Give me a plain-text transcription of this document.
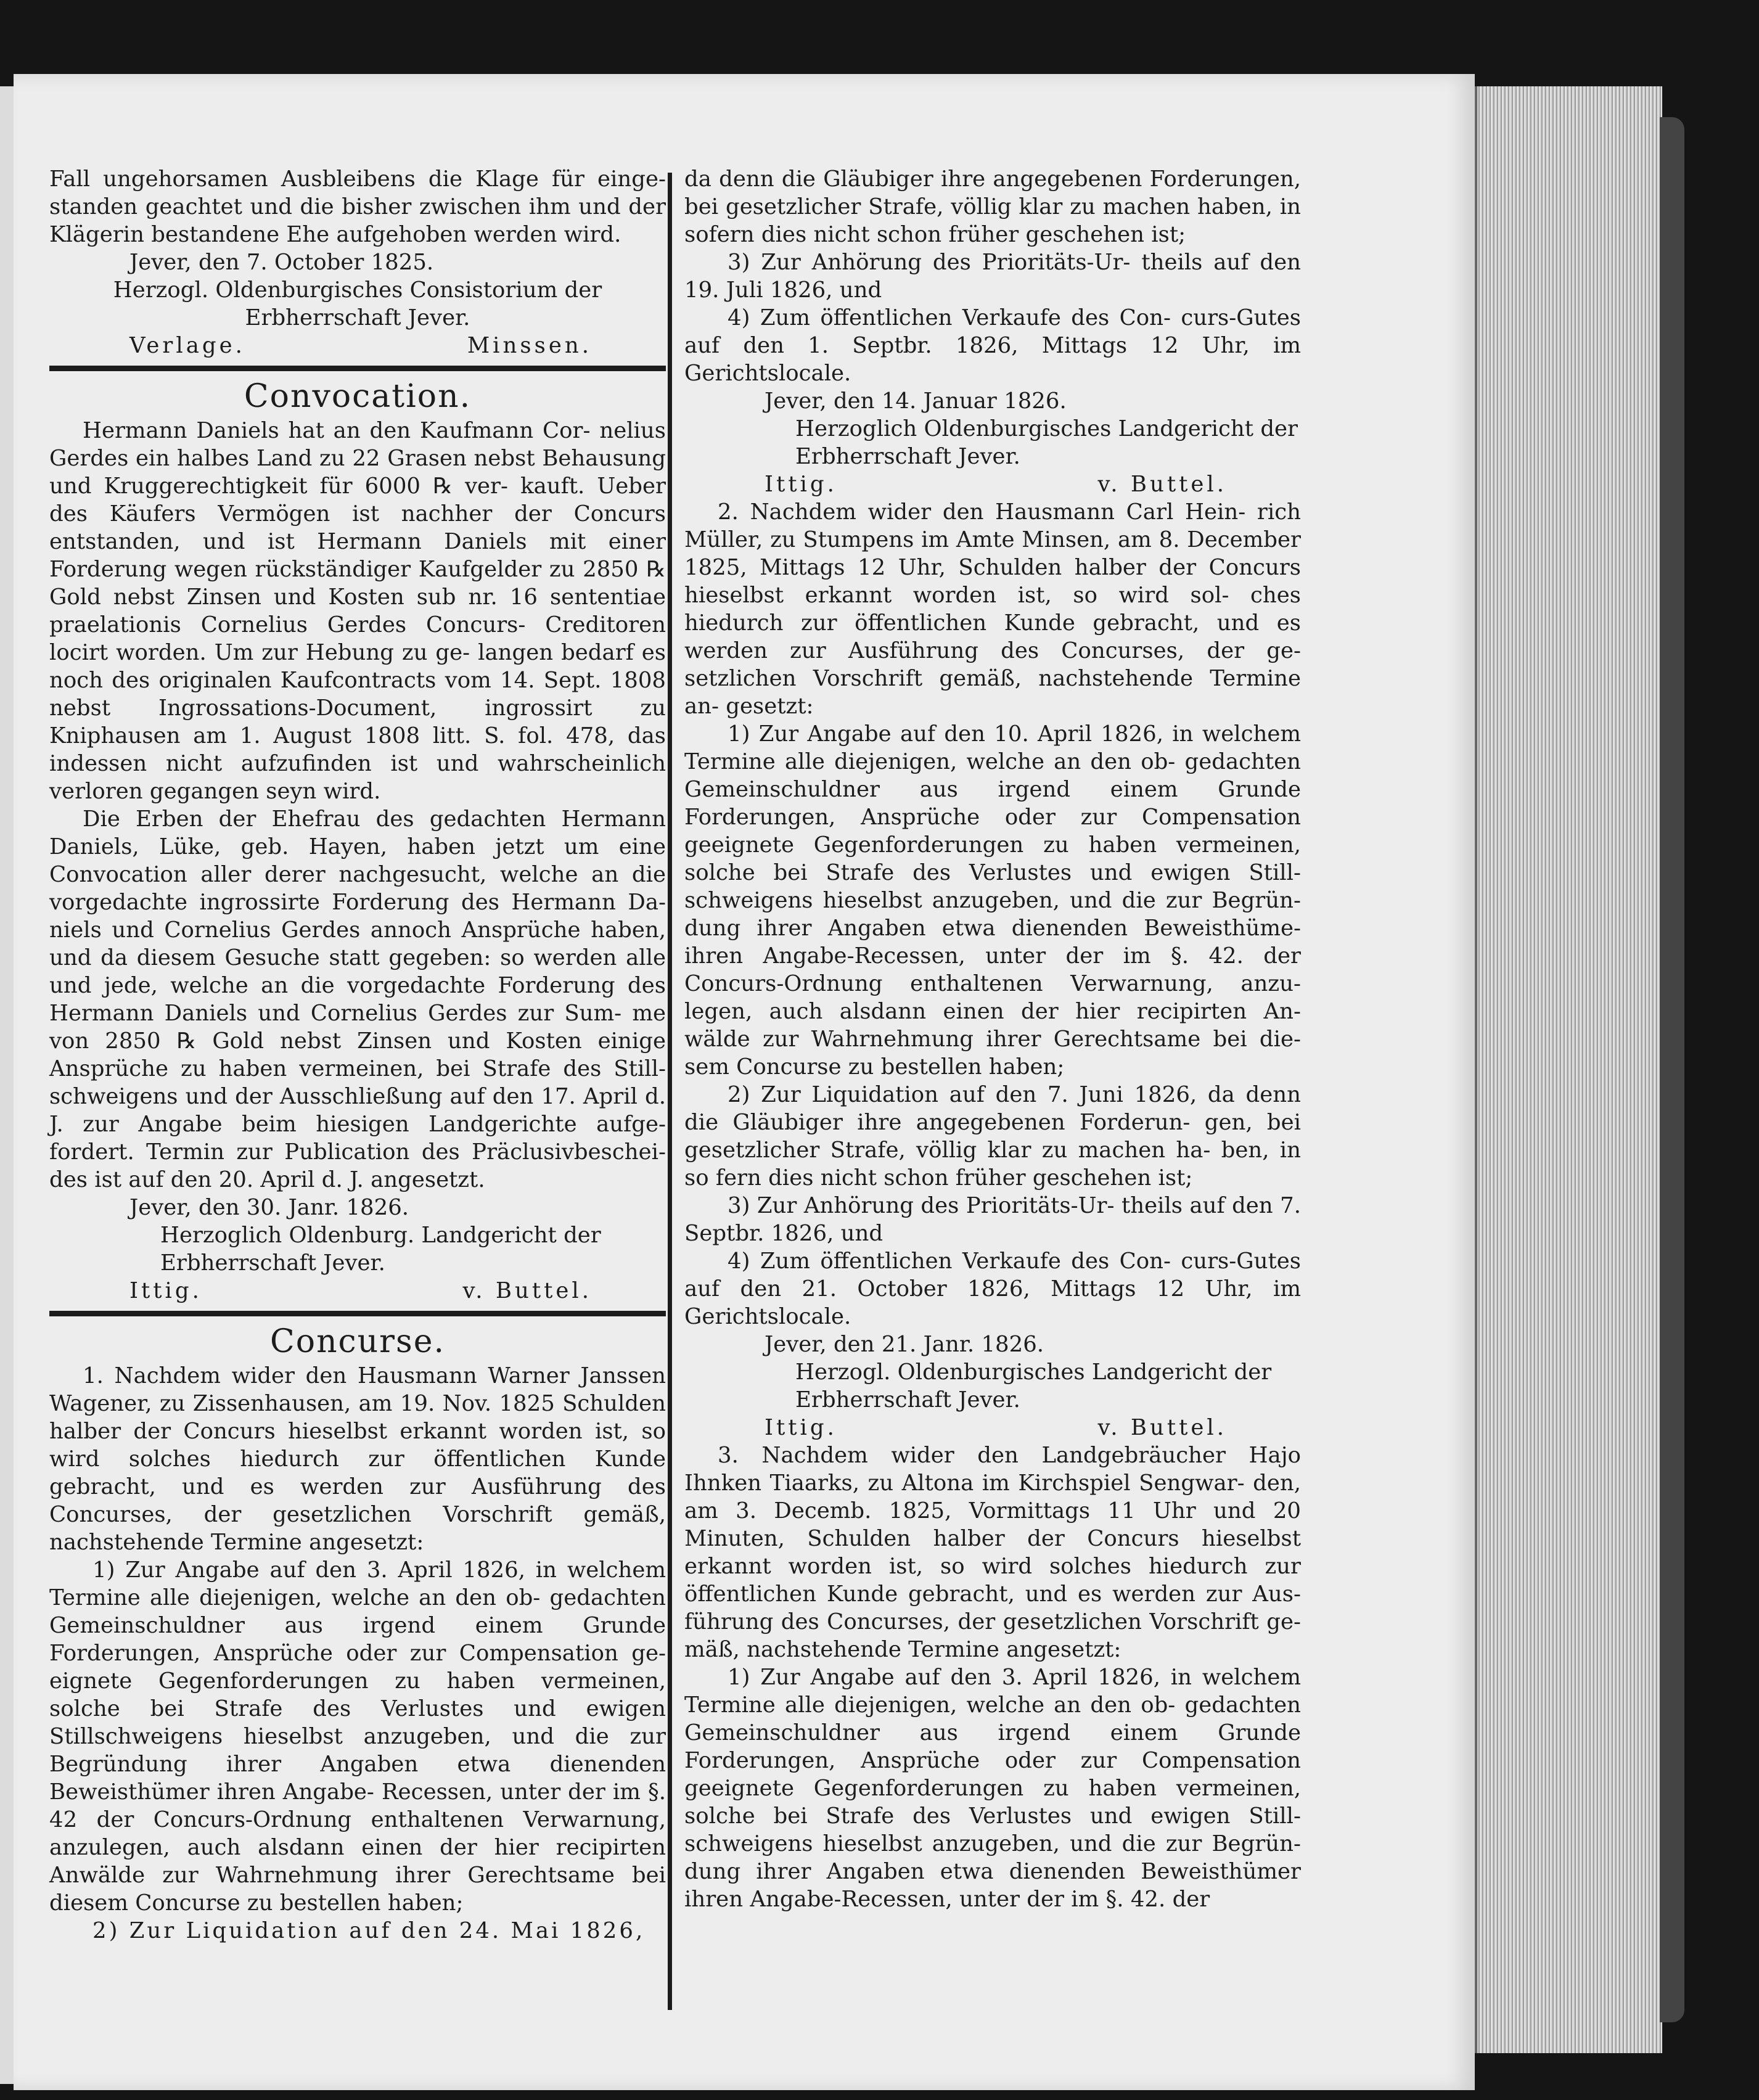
Fall ungehorsamen Ausbleibens die Klage für einge- standen geachtet und die bisher zwischen ihm und der Klägerin bestandene Ehe aufgehoben werden wird.

Jever, den 7. October 1825.

Herzogl. Oldenburgisches Consistorium der Erbherrschaft Jever.

Verlage.	Minssen.
Convocation.

Hermann Daniels hat an den Kaufmann Cor- nelius Gerdes ein halbes Land zu 22 Grasen nebst Behausung und Kruggerechtigkeit für 6000 ℞ ver- kauft. Ueber des Käufers Vermögen ist nachher der Concurs entstanden, und ist Hermann Daniels mit einer Forderung wegen rückständiger Kaufgelder zu 2850 ℞ Gold nebst Zinsen und Kosten sub nr. 16 sententiae praelationis Cornelius Gerdes Concurs- Creditoren locirt worden. Um zur Hebung zu ge- langen bedarf es noch des originalen Kaufcontracts vom 14. Sept. 1808 nebst Ingrossations-Document, ingrossirt zu Kniphausen am 1. August 1808 litt. S. fol. 478, das indessen nicht aufzufinden ist und wahrscheinlich verloren gegangen seyn wird.

Die Erben der Ehefrau des gedachten Hermann Daniels, Lüke, geb. Hayen, haben jetzt um eine Convocation aller derer nachgesucht, welche an die vorgedachte ingrossirte Forderung des Hermann Da- niels und Cornelius Gerdes annoch Ansprüche haben, und da diesem Gesuche statt gegeben: so werden alle und jede, welche an die vorgedachte Forderung des Hermann Daniels und Cornelius Gerdes zur Sum- me von 2850 ℞ Gold nebst Zinsen und Kosten einige Ansprüche zu haben vermeinen, bei Strafe des Still- schweigens und der Ausschließung auf den 17. April d. J. zur Angabe beim hiesigen Landgerichte aufge- fordert. Termin zur Publication des Präclusivbeschei- des ist auf den 20. April d. J. angesetzt.

Jever, den 30. Janr. 1826.

Herzoglich Oldenburg. Landgericht der Erbherrschaft Jever.

Ittig.	v. Buttel.
Concurse.

1. Nachdem wider den Hausmann Warner Janssen Wagener, zu Zissenhausen, am 19. Nov. 1825 Schulden halber der Concurs hieselbst erkannt worden ist, so wird solches hiedurch zur öffentlichen Kunde gebracht, und es werden zur Ausführung des Concurses, der gesetzlichen Vorschrift gemäß, nachstehende Termine angesetzt:

1) Zur Angabe auf den 3. April 1826, in welchem Termine alle diejenigen, welche an den ob- gedachten Gemeinschuldner aus irgend einem Grunde Forderungen, Ansprüche oder zur Compensation ge- eignete Gegenforderungen zu haben vermeinen, solche bei Strafe des Verlustes und ewigen Stillschweigens hieselbst anzugeben, und die zur Begründung ihrer Angaben etwa dienenden Beweisthümer ihren Angabe- Recessen, unter der im §. 42 der Concurs-Ordnung enthaltenen Verwarnung, anzulegen, auch alsdann einen der hier recipirten Anwälde zur Wahrnehmung ihrer Gerechtsame bei diesem Concurse zu bestellen haben;

2) Zur Liquidation auf den 24. Mai 1826,

da denn die Gläubiger ihre angegebenen Forderungen, bei gesetzlicher Strafe, völlig klar zu machen haben, in sofern dies nicht schon früher geschehen ist;

3) Zur Anhörung des Prioritäts-Ur- theils auf den 19. Juli 1826, und

4) Zum öffentlichen Verkaufe des Con- curs-Gutes auf den 1. Septbr. 1826, Mittags 12 Uhr, im Gerichtslocale.

Jever, den 14. Januar 1826.

Herzoglich Oldenburgisches Landgericht der Erbherrschaft Jever.

Ittig.	v. Buttel.

2. Nachdem wider den Hausmann Carl Hein- rich Müller, zu Stumpens im Amte Minsen, am 8. December 1825, Mittags 12 Uhr, Schulden halber der Concurs hieselbst erkannt worden ist, so wird sol- ches hiedurch zur öffentlichen Kunde gebracht, und es werden zur Ausführung des Concurses, der ge- setzlichen Vorschrift gemäß, nachstehende Termine an- gesetzt:

1) Zur Angabe auf den 10. April 1826, in welchem Termine alle diejenigen, welche an den ob- gedachten Gemeinschuldner aus irgend einem Grunde Forderungen, Ansprüche oder zur Compensation geeignete Gegenforderungen zu haben vermeinen, solche bei Strafe des Verlustes und ewigen Still- schweigens hieselbst anzugeben, und die zur Begrün- dung ihrer Angaben etwa dienenden Beweisthüme- ihren Angabe-Recessen, unter der im §. 42. der Concurs-Ordnung enthaltenen Verwarnung, anzu- legen, auch alsdann einen der hier recipirten An- wälde zur Wahrnehmung ihrer Gerechtsame bei die- sem Concurse zu bestellen haben;

2) Zur Liquidation auf den 7. Juni 1826, da denn die Gläubiger ihre angegebenen Forderun- gen, bei gesetzlicher Strafe, völlig klar zu machen ha- ben, in so fern dies nicht schon früher geschehen ist;

3) Zur Anhörung des Prioritäts-Ur- theils auf den 7. Septbr. 1826, und

4) Zum öffentlichen Verkaufe des Con- curs-Gutes auf den 21. October 1826, Mittags 12 Uhr, im Gerichtslocale.

Jever, den 21. Janr. 1826.

Herzogl. Oldenburgisches Landgericht der Erbherrschaft Jever.

Ittig.	v. Buttel.

3. Nachdem wider den Landgebräucher Hajo Ihnken Tiaarks, zu Altona im Kirchspiel Sengwar- den, am 3. Decemb. 1825, Vormittags 11 Uhr und 20 Minuten, Schulden halber der Concurs hieselbst erkannt worden ist, so wird solches hiedurch zur öffentlichen Kunde gebracht, und es werden zur Aus- führung des Concurses, der gesetzlichen Vorschrift ge- mäß, nachstehende Termine angesetzt:

1) Zur Angabe auf den 3. April 1826, in welchem Termine alle diejenigen, welche an den ob- gedachten Gemeinschuldner aus irgend einem Grunde Forderungen, Ansprüche oder zur Compensation geeignete Gegenforderungen zu haben vermeinen, solche bei Strafe des Verlustes und ewigen Still- schweigens hieselbst anzugeben, und die zur Begrün- dung ihrer Angaben etwa dienenden Beweisthümer ihren Angabe-Recessen, unter der im §. 42. der
